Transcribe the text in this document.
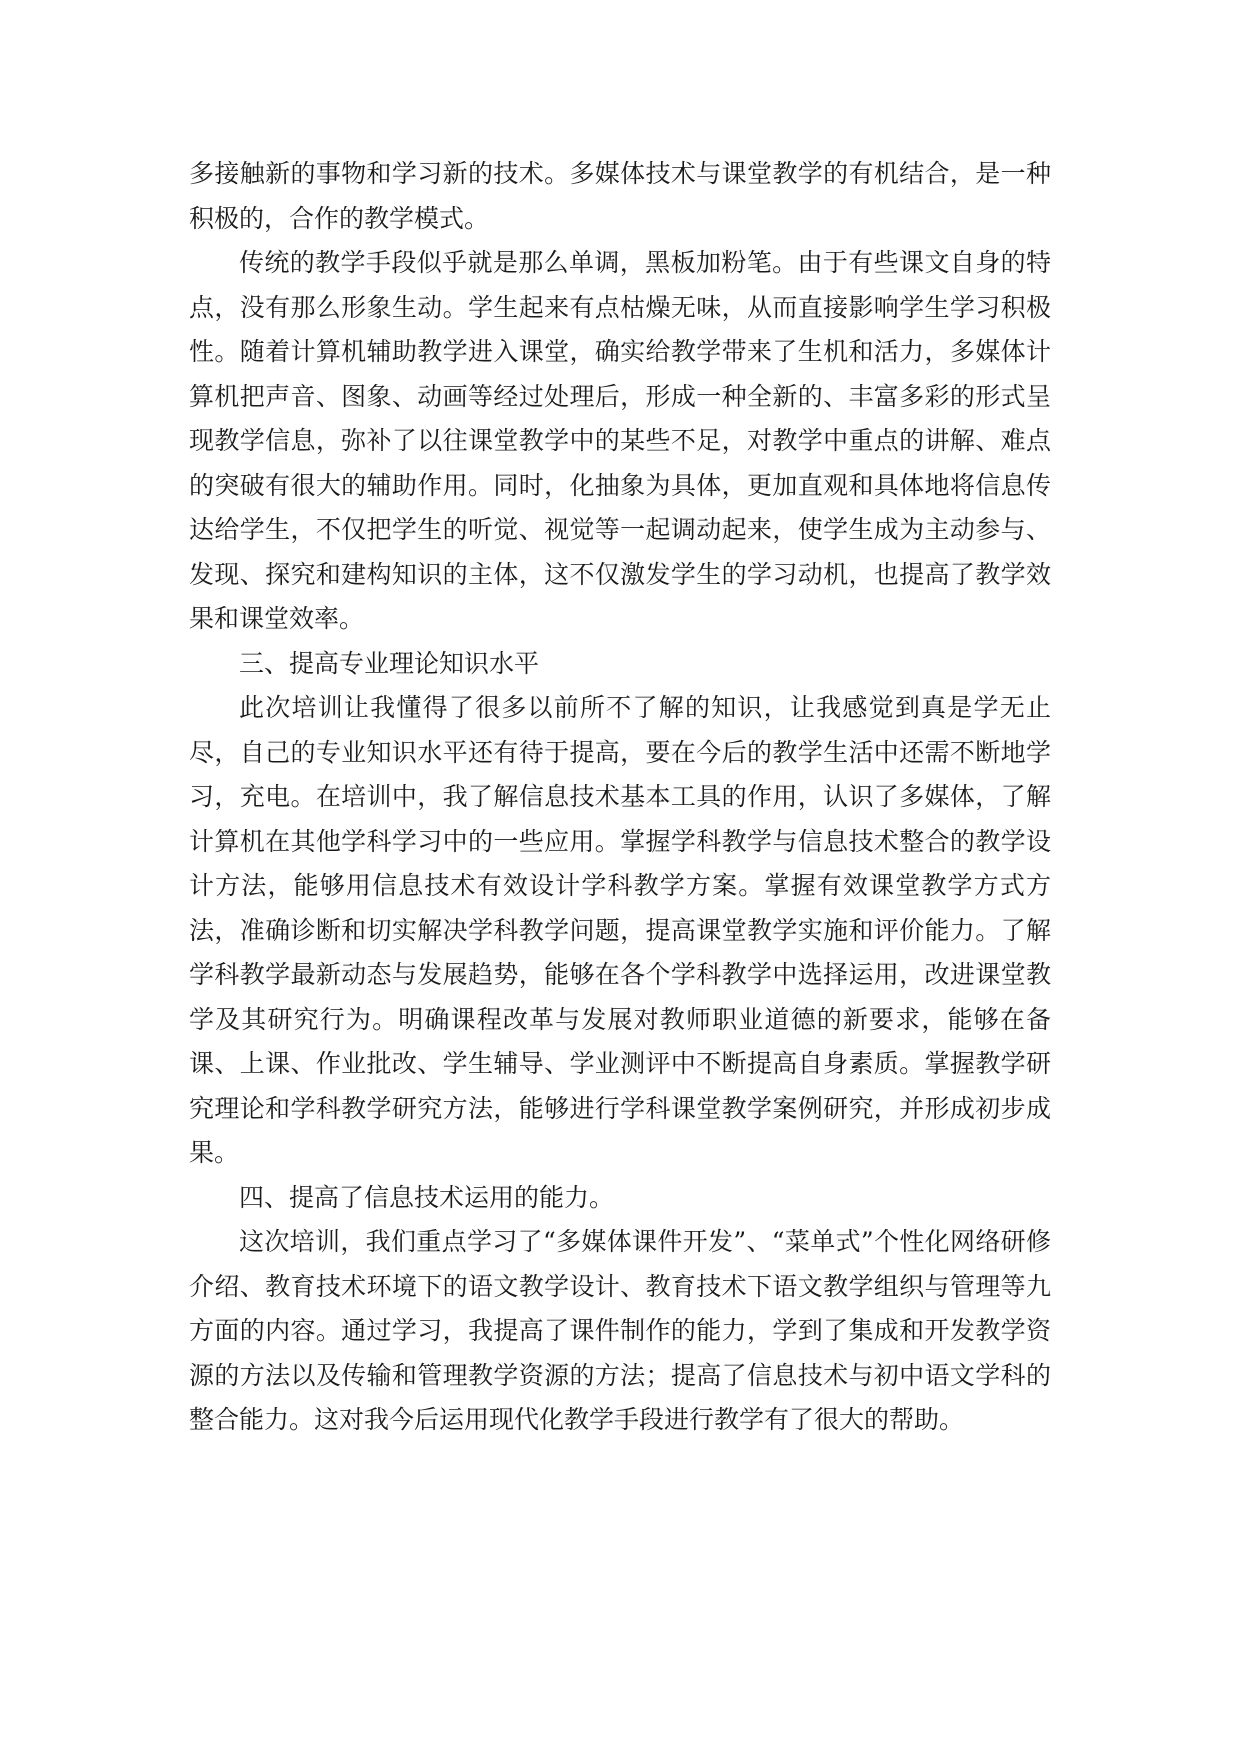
多接触新的事物和学习新的技术。多媒体技术与课堂教学的有机结合，是一种积极的，合作的教学模式。

传统的教学手段似乎就是那么单调，黑板加粉笔。由于有些课文自身的特点，没有那么形象生动。学生起来有点枯燥无味，从而直接影响学生学习积极性。随着计算机辅助教学进入课堂，确实给教学带来了生机和活力，多媒体计算机把声音、图象、动画等经过处理后，形成一种全新的、丰富多彩的形式呈现教学信息，弥补了以往课堂教学中的某些不足，对教学中重点的讲解、难点的突破有很大的辅助作用。同时，化抽象为具体，更加直观和具体地将信息传达给学生，不仅把学生的听觉、视觉等一起调动起来，使学生成为主动参与、发现、探究和建构知识的主体，这不仅激发学生的学习动机，也提高了教学效果和课堂效率。

三、提高专业理论知识水平

此次培训让我懂得了很多以前所不了解的知识，让我感觉到真是学无止尽，自己的专业知识水平还有待于提高，要在今后的教学生活中还需不断地学习，充电。在培训中，我了解信息技术基本工具的作用，认识了多媒体，了解计算机在其他学科学习中的一些应用。掌握学科教学与信息技术整合的教学设计方法，能够用信息技术有效设计学科教学方案。掌握有效课堂教学方式方法，准确诊断和切实解决学科教学问题，提高课堂教学实施和评价能力。了解学科教学最新动态与发展趋势，能够在各个学科教学中选择运用，改进课堂教学及其研究行为。明确课程改革与发展对教师职业道德的新要求，能够在备课、上课、作业批改、学生辅导、学业测评中不断提高自身素质。掌握教学研究理论和学科教学研究方法，能够进行学科课堂教学案例研究，并形成初步成果。

四、提高了信息技术运用的能力。

这次培训，我们重点学习了“多媒体课件开发”、“菜单式”个性化网络研修介绍、教育技术环境下的语文教学设计、教育技术下语文教学组织与管理等九方面的内容。通过学习，我提高了课件制作的能力，学到了集成和开发教学资源的方法以及传输和管理教学资源的方法；提高了信息技术与初中语文学科的整合能力。这对我今后运用现代化教学手段进行教学有了很大的帮助。
